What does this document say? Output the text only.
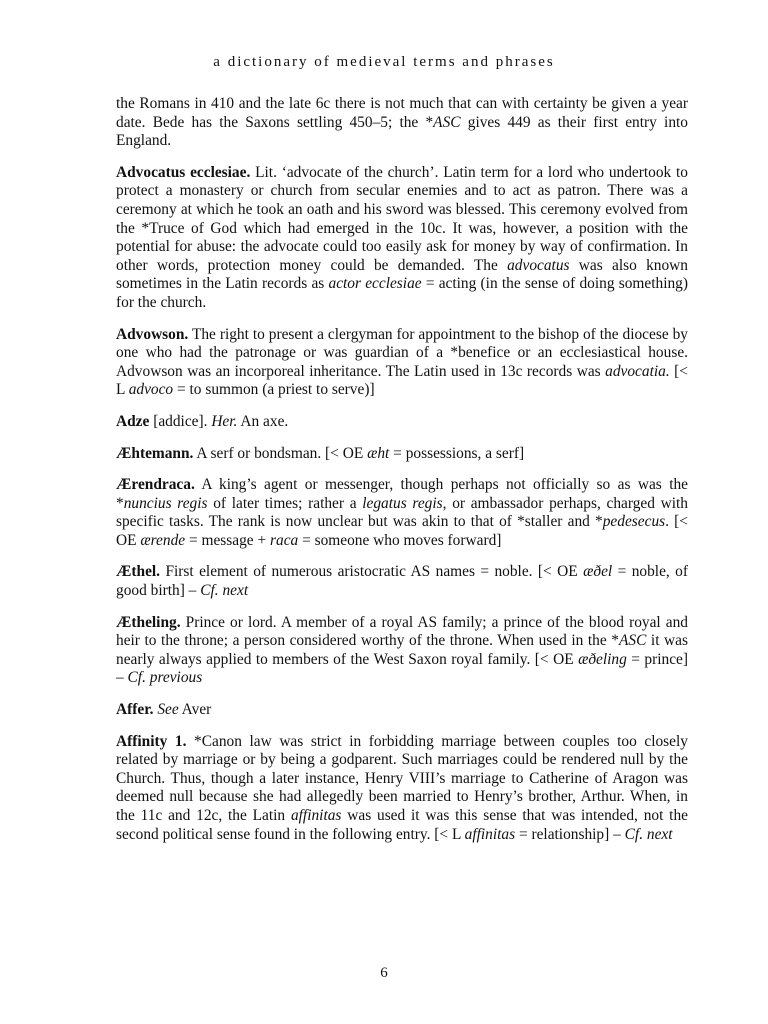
a dictionary of medieval terms and phrases

the Romans in 410 and the late 6c there is not much that can with certainty be given a year date. Bede has the Saxons settling 450–5; the *ASC gives 449 as their first entry into England.

Advocatus ecclesiae. Lit. ‘advocate of the church’. Latin term for a lord who undertook to protect a monastery or church from secular enemies and to act as patron. There was a ceremony at which he took an oath and his sword was blessed. This ceremony evolved from the *Truce of God which had emerged in the 10c. It was, however, a position with the potential for abuse: the advocate could too easily ask for money by way of confirmation. In other words, protection money could be demanded. The advocatus was also known sometimes in the Latin records as actor ecclesiae = acting (in the sense of doing something) for the church.

Advowson. The right to present a clergyman for appointment to the bishop of the diocese by one who had the patronage or was guardian of a *benefice or an ecclesiastical house. Advowson was an incorporeal inheritance. The Latin used in 13c records was advocatia. [< L advoco = to summon (a priest to serve)]

Adze [addice]. Her. An axe.

Æhtemann. A serf or bondsman. [< OE æht = possessions, a serf]

Ærendraca. A king’s agent or messenger, though perhaps not officially so as was the *nuncius regis of later times; rather a legatus regis, or ambassador perhaps, charged with specific tasks. The rank is now unclear but was akin to that of *staller and *pedesecus. [< OE ærende = message + raca = someone who moves forward]

Æthel. First element of numerous aristocratic AS names = noble. [< OE æðel = noble, of good birth] – Cf. next

Ætheling. Prince or lord. A member of a royal AS family; a prince of the blood royal and heir to the throne; a person considered worthy of the throne. When used in the *ASC it was nearly always applied to members of the West Saxon royal family. [< OE æðeling = prince] – Cf. previous

Affer. See Aver

Affinity 1. *Canon law was strict in forbidding marriage between couples too closely related by marriage or by being a godparent. Such marriages could be rendered null by the Church. Thus, though a later instance, Henry VIII’s marriage to Catherine of Aragon was deemed null because she had allegedly been married to Henry’s brother, Arthur. When, in the 11c and 12c, the Latin affinitas was used it was this sense that was intended, not the second political sense found in the following entry. [< L affinitas = relationship] – Cf. next

6
